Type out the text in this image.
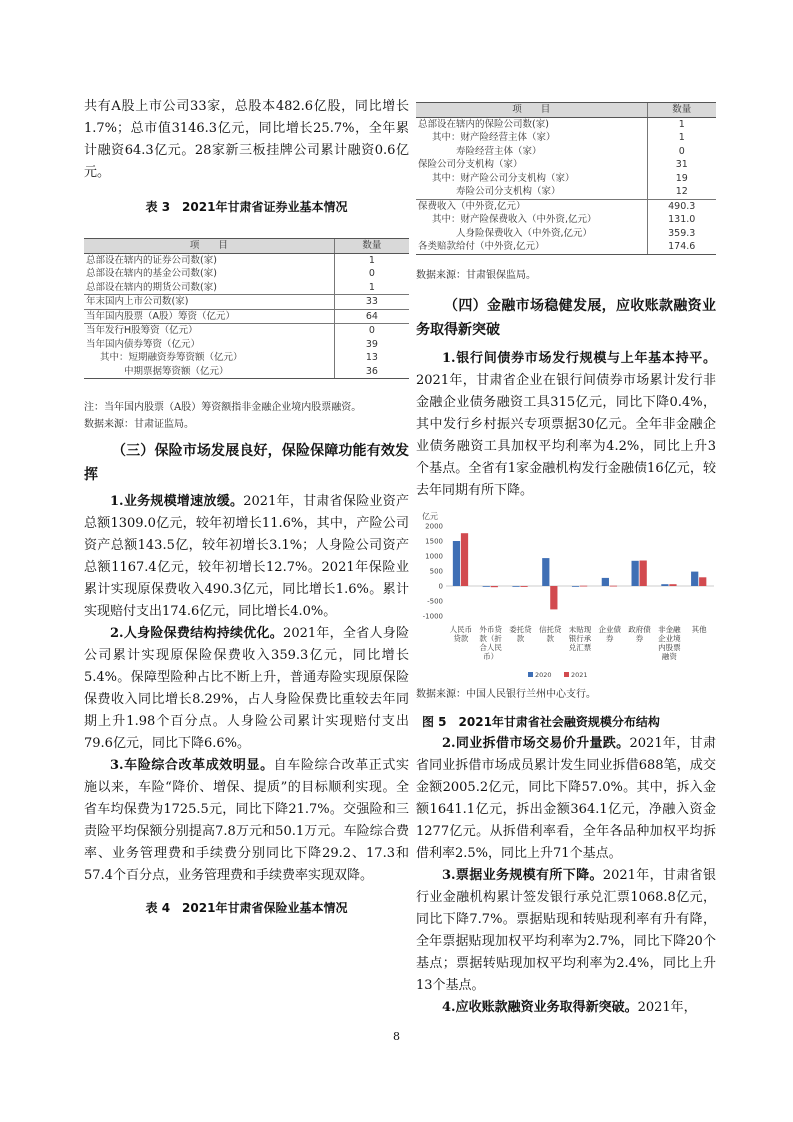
共有A股上市公司33家，总股本482.6亿股，同比增长1.7%；总市值3146.3亿元，同比增长25.7%，全年累计融资64.3亿元。28家新三板挂牌公司累计融资0.6亿元。

表 3　2021年甘肃省证券业基本情况

项　　目	数量
总部设在辖内的证券公司数(家)	1
总部设在辖内的基金公司数(家)	0
总部设在辖内的期货公司数(家)	1
年末国内上市公司数(家)	33
当年国内股票（A股）筹资（亿元）	64
当年发行H股筹资（亿元）	0
当年国内债券筹资（亿元）	39
其中：短期融资券筹资额（亿元）	13
中期票据筹资额（亿元）	36

注：当年国内股票（A股）筹资额指非金融企业境内股票融资。

数据来源：甘肃证监局。

（三）保险市场发展良好，保险保障功能有效发挥

1.业务规模增速放缓。2021年，甘肃省保险业资产总额1309.0亿元，较年初增长11.6%，其中，产险公司资产总额143.5亿，较年初增长3.1%；人身险公司资产总额1167.4亿元，较年初增长12.7%。2021年保险业累计实现原保费收入490.3亿元，同比增长1.6%。累计实现赔付支出174.6亿元，同比增长4.0%。

2.人身险保费结构持续优化。2021年，全省人身险公司累计实现原保险保费收入359.3亿元，同比增长5.4%。保障型险种占比不断上升，普通寿险实现原保险保费收入同比增长8.29%，占人身险保费比重较去年同期上升1.98个百分点。人身险公司累计实现赔付支出79.6亿元，同比下降6.6%。

3.车险综合改革成效明显。自车险综合改革正式实施以来，车险“降价、增保、提质”的目标顺利实现。全省车均保费为1725.5元，同比下降21.7%。交强险和三责险平均保额分别提高7.8万元和50.1万元。车险综合费率、业务管理费和手续费分别同比下降29.2、17.3和57.4个百分点，业务管理费和手续费率实现双降。

表 4　2021年甘肃省保险业基本情况

项　　目	数量
总部设在辖内的保险公司数(家)	1
其中：财产险经营主体（家）	1
寿险经营主体（家）	0
保险公司分支机构（家）	31
其中：财产险公司分支机构（家）	19
寿险公司分支机构（家）	12
保费收入（中外资,亿元）	490.3
其中：财产险保费收入（中外资,亿元）	131.0
人身险保费收入（中外资,亿元）	359.3
各类赔款给付（中外资,亿元）	174.6

数据来源：甘肃银保监局。

（四）金融市场稳健发展，应收账款融资业务取得新突破

1.银行间债券市场发行规模与上年基本持平。2021年，甘肃省企业在银行间债券市场累计发行非金融企业债务融资工具315亿元，同比下降0.4%，其中发行乡村振兴专项票据30亿元。全年非金融企业债务融资工具加权平均利率为4.2%，同比上升3个基点。全省有1家金融机构发行金融债16亿元，较去年同期有所下降。

亿元
2000
1500
1000
500
0
-500
-1000
人民币
贷款
外币贷
款（折
合人民
币）
委托贷
款
信托贷
款
未贴现
银行承
兑汇票
企业债
券
政府债
券
非金融
企业境
内股票
融资
其他
2020	2021

数据来源：中国人民银行兰州中心支行。

图 5　2021年甘肃省社会融资规模分布结构

2.同业拆借市场交易价升量跌。2021年，甘肃省同业拆借市场成员累计发生同业拆借688笔，成交金额2005.2亿元，同比下降57.0%。其中，拆入金额1641.1亿元，拆出金额364.1亿元，净融入资金1277亿元。从拆借利率看，全年各品种加权平均拆借利率2.5%，同比上升71个基点。

3.票据业务规模有所下降。2021年，甘肃省银行业金融机构累计签发银行承兑汇票1068.8亿元，同比下降7.7%。票据贴现和转贴现利率有升有降，全年票据贴现加权平均利率为2.7%，同比下降20个基点；票据转贴现加权平均利率为2.4%，同比上升13个基点。

4.应收账款融资业务取得新突破。2021年，

8
